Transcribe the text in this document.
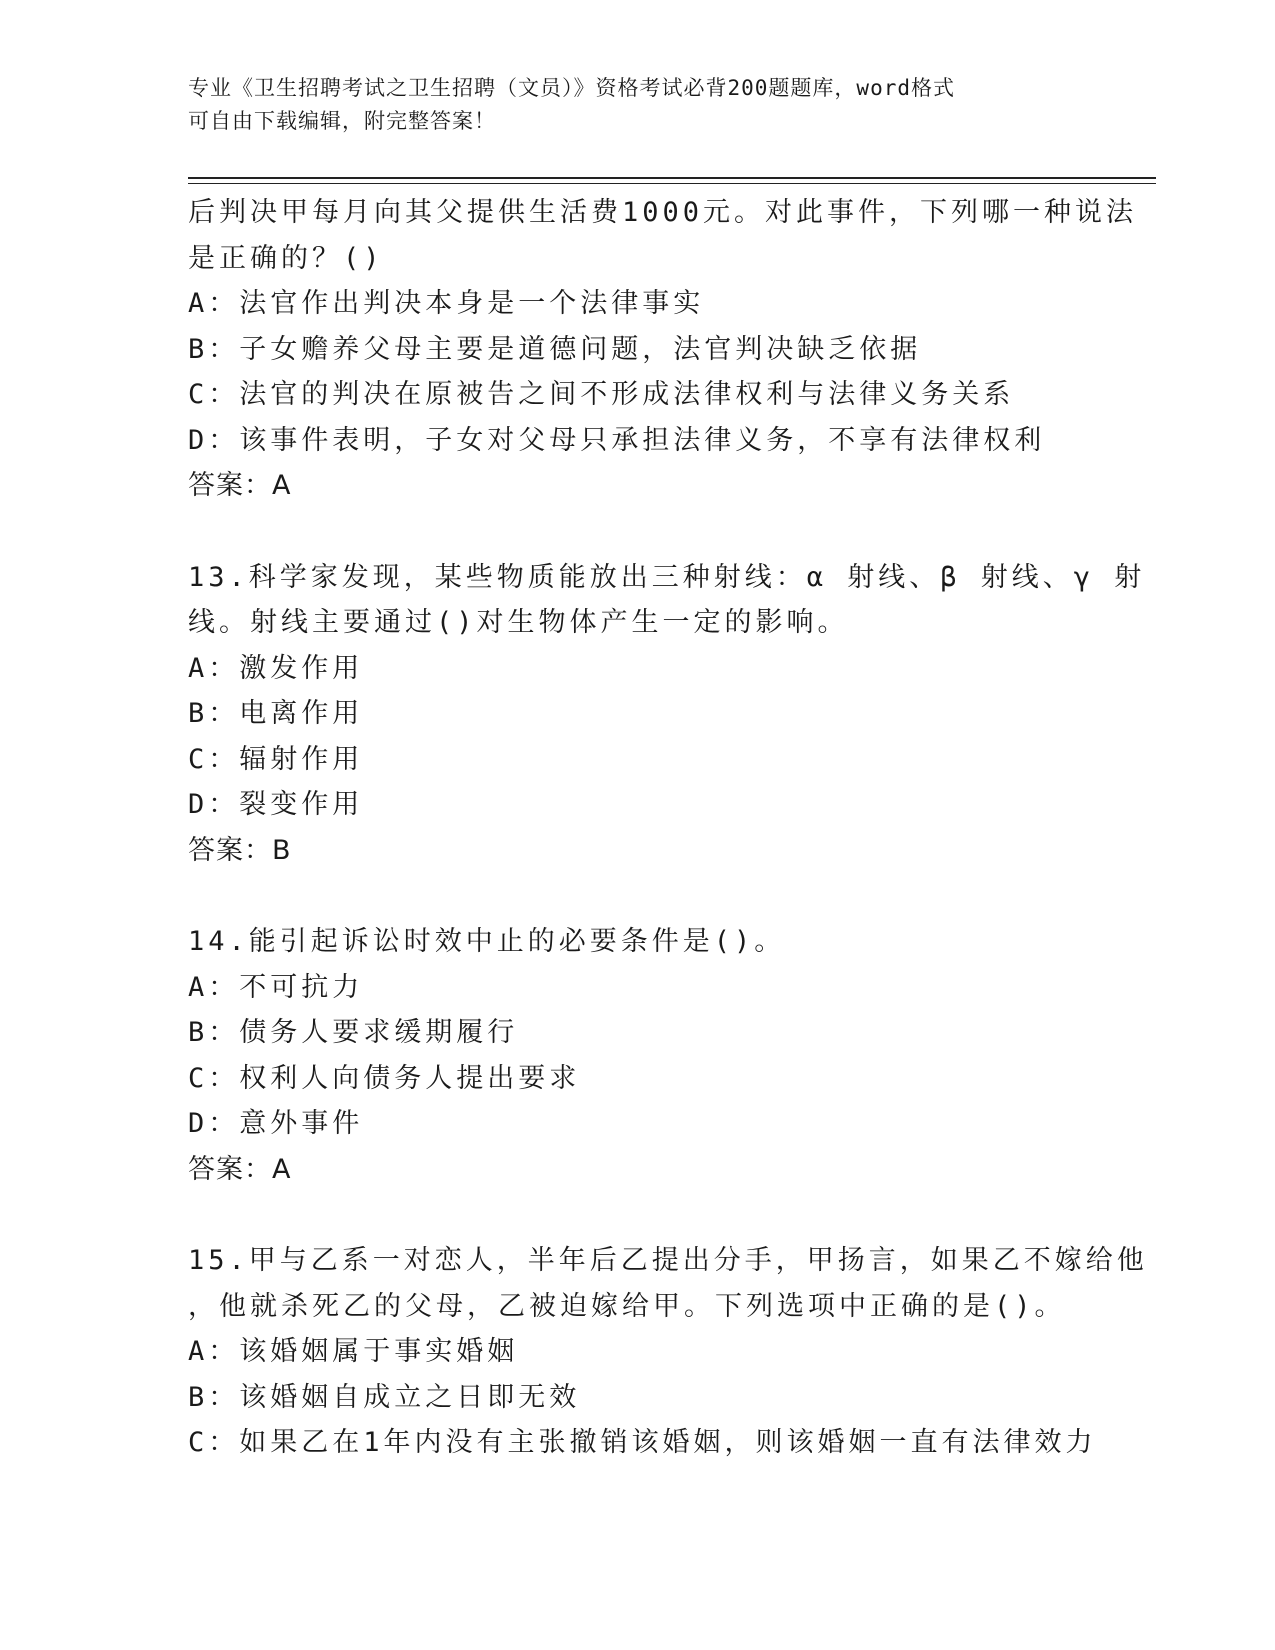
专业《卫生招聘考试之卫生招聘（文员）》资格考试必背200题题库，word格式
可自由下载编辑，附完整答案！
后判决甲每月向其父提供生活费1000元。对此事件，下列哪一种说法
是正确的？()
A：法官作出判决本身是一个法律事实
B：子女赡养父母主要是道德问题，法官判决缺乏依据
C：法官的判决在原被告之间不形成法律权利与法律义务关系
D：该事件表明，子女对父母只承担法律义务，不享有法律权利
答案：A
13.科学家发现，某些物质能放出三种射线：α 射线、β 射线、γ 射
线。射线主要通过()对生物体产生一定的影响。
A：激发作用
B：电离作用
C：辐射作用
D：裂变作用
答案：B
14.能引起诉讼时效中止的必要条件是()。
A：不可抗力
B：债务人要求缓期履行
C：权利人向债务人提出要求
D：意外事件
答案：A
15.甲与乙系一对恋人，半年后乙提出分手，甲扬言，如果乙不嫁给他
，他就杀死乙的父母，乙被迫嫁给甲。下列选项中正确的是()。
A：该婚姻属于事实婚姻
B：该婚姻自成立之日即无效
C：如果乙在1年内没有主张撤销该婚姻，则该婚姻一直有法律效力
